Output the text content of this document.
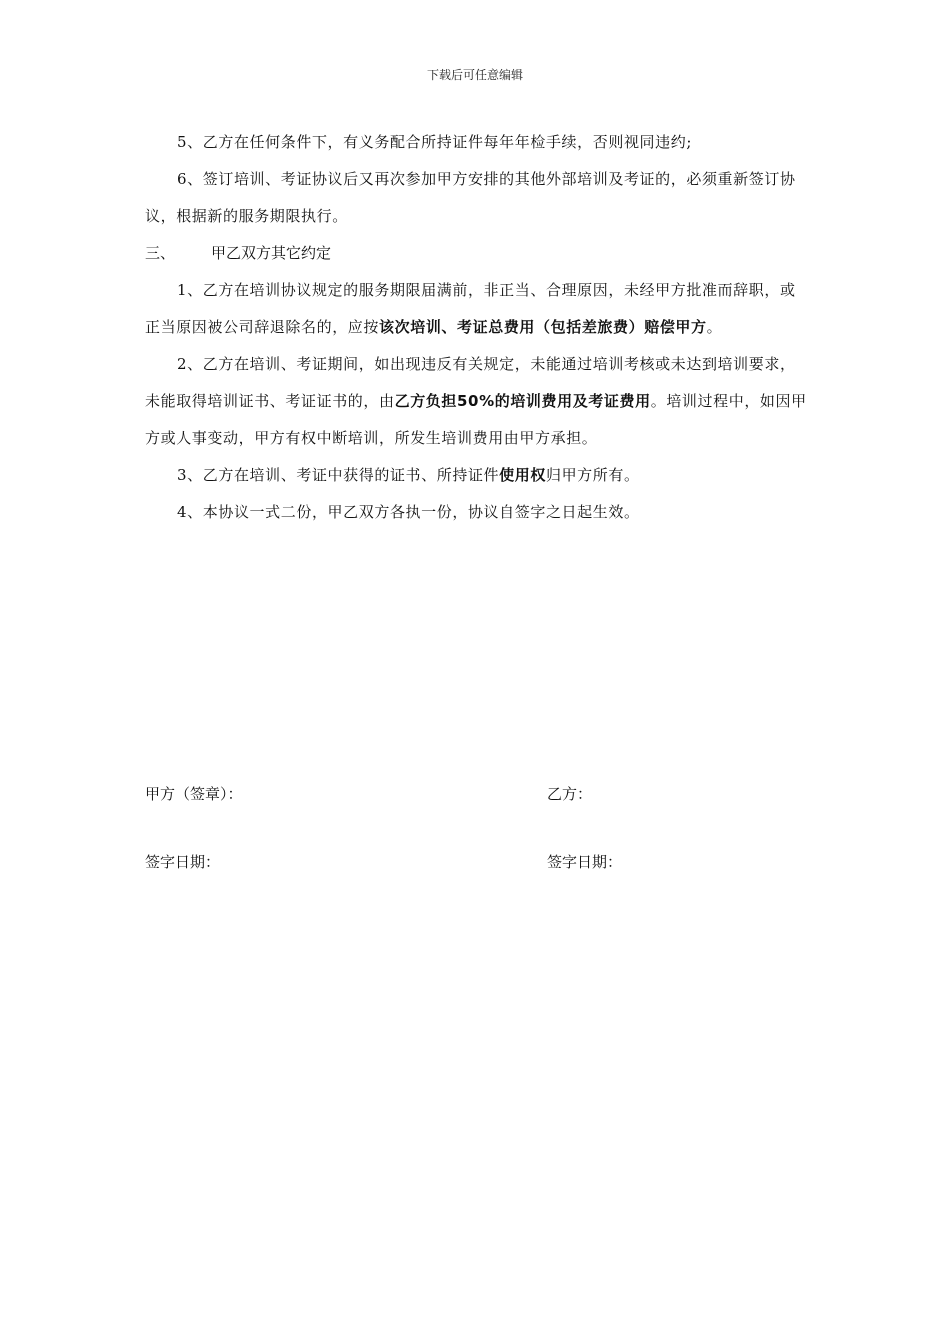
下载后可任意编辑

5、乙方在任何条件下，有义务配合所持证件每年年检手续，否则视同违约;

6、签订培训、考证协议后又再次参加甲方安排的其他外部培训及考证的，必须重新签订协议，根据新的服务期限执行。

三、 甲乙双方其它约定

1、乙方在培训协议规定的服务期限届满前，非正当、合理原因，未经甲方批准而辞职，或正当原因被公司辞退除名的，应按该次培训、考证总费用（包括差旅费）赔偿甲方。

2、乙方在培训、考证期间，如出现违反有关规定，未能通过培训考核或未达到培训要求，未能取得培训证书、考证证书的，由乙方负担50%的培训费用及考证费用。培训过程中，如因甲方或人事变动，甲方有权中断培训，所发生培训费用由甲方承担。

3、乙方在培训、考证中获得的证书、所持证件使用权归甲方所有。

4、本协议一式二份，甲乙双方各执一份，协议自签字之日起生效。

甲方（签章）：	乙方：
签字日期：	签字日期：
